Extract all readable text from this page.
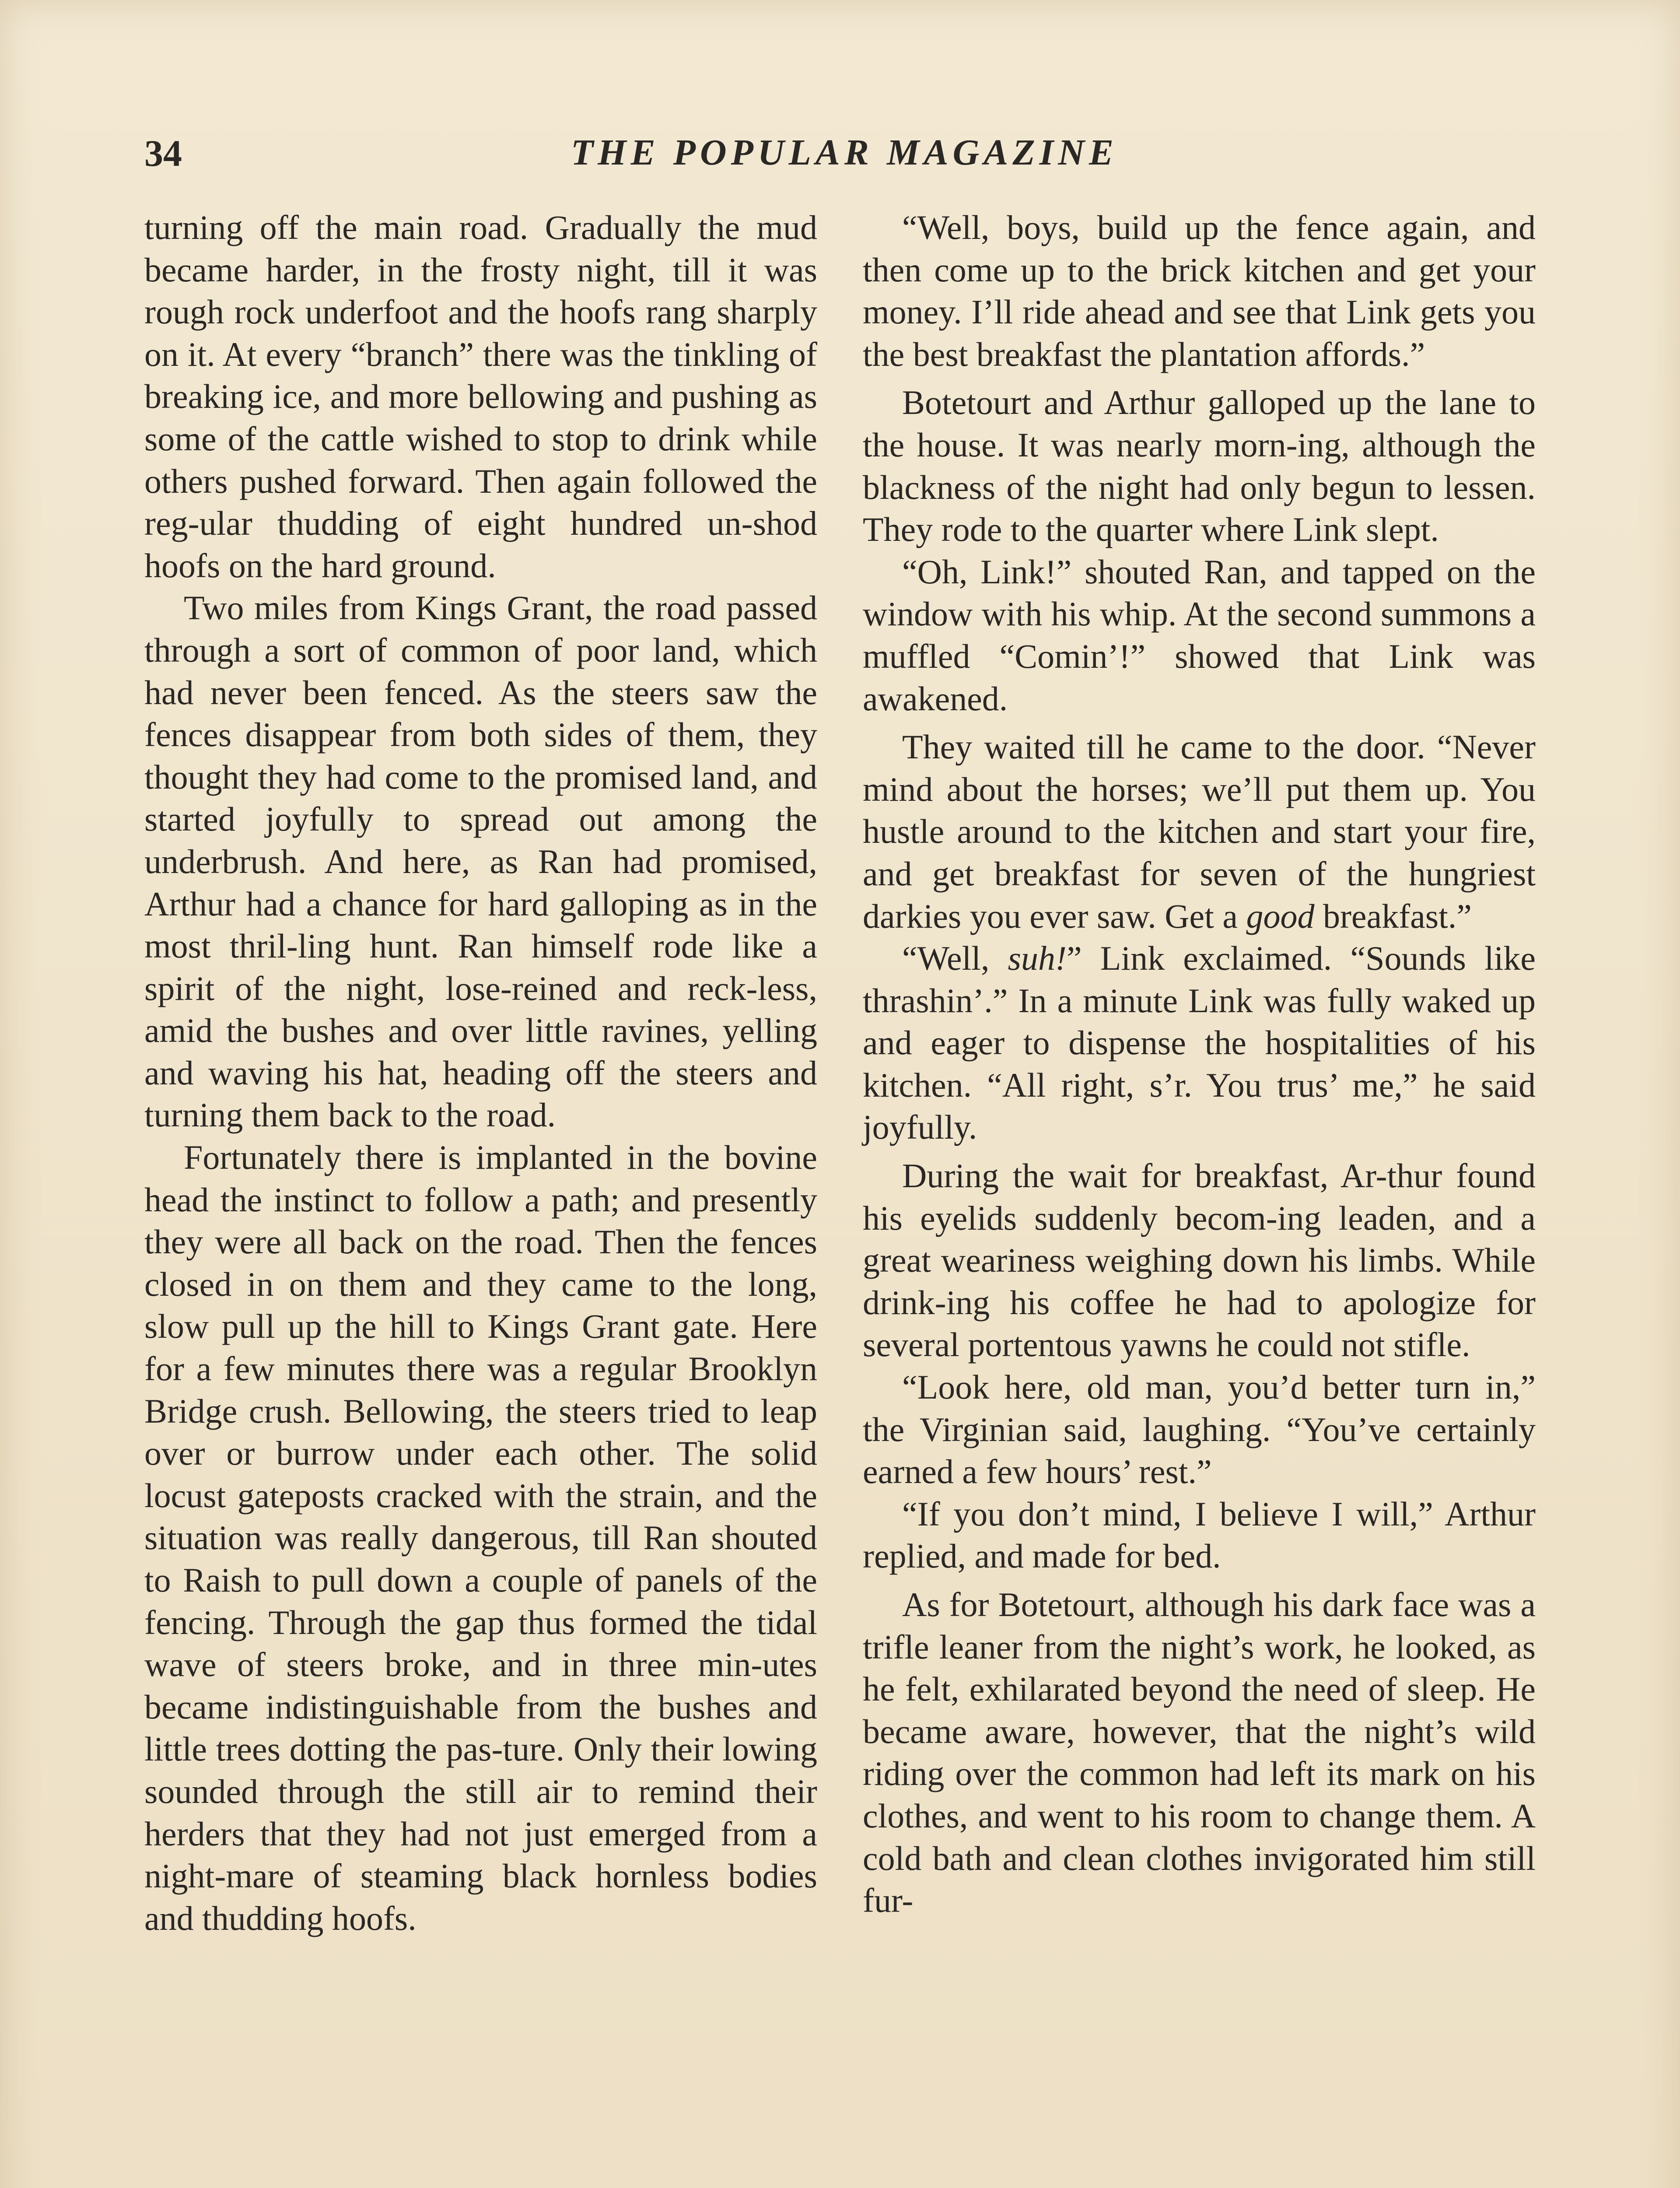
34	THE POPULAR MAGAZINE

turning off the main road. Gradually the mud became harder, in the frosty night, till it was rough rock underfoot and the hoofs rang sharply on it. At every “branch” there was the tinkling of breaking ice, and more bellowing and pushing as some of the cattle wished to stop to drink while others pushed forward. Then again followed the reg-ular thudding of eight hundred un-shod hoofs on the hard ground.

Two miles from Kings Grant, the road passed through a sort of common of poor land, which had never been fenced. As the steers saw the fences disappear from both sides of them, they thought they had come to the promised land, and started joyfully to spread out among the underbrush. And here, as Ran had promised, Arthur had a chance for hard galloping as in the most thril-ling hunt. Ran himself rode like a spirit of the night, lose-reined and reck-less, amid the bushes and over little ravines, yelling and waving his hat, heading off the steers and turning them back to the road.

Fortunately there is implanted in the bovine head the instinct to follow a path; and presently they were all back on the road. Then the fences closed in on them and they came to the long, slow pull up the hill to Kings Grant gate. Here for a few minutes there was a regular Brooklyn Bridge crush. Bellowing, the steers tried to leap over or burrow under each other. The solid locust gateposts cracked with the strain, and the situation was really dangerous, till Ran shouted to Raish to pull down a couple of panels of the fencing. Through the gap thus formed the tidal wave of steers broke, and in three min-utes became indistinguishable from the bushes and little trees dotting the pas-ture. Only their lowing sounded through the still air to remind their herders that they had not just emerged from a night-mare of steaming black hornless bodies and thudding hoofs.

“Well, boys, build up the fence again, and then come up to the brick kitchen and get your money. I’ll ride ahead and see that Link gets you the best breakfast the plantation affords.”

Botetourt and Arthur galloped up the lane to the house. It was nearly morn-ing, although the blackness of the night had only begun to lessen. They rode to the quarter where Link slept.

“Oh, Link!” shouted Ran, and tapped on the window with his whip. At the second summons a muffled “Comin’!” showed that Link was awakened.

They waited till he came to the door. “Never mind about the horses; we’ll put them up. You hustle around to the kitchen and start your fire, and get breakfast for seven of the hungriest darkies you ever saw. Get a good breakfast.”

“Well, suh!” Link exclaimed. “Sounds like thrashin’.” In a minute Link was fully waked up and eager to dispense the hospitalities of his kitchen. “All right, s’r. You trus’ me,” he said joyfully.

During the wait for breakfast, Ar-thur found his eyelids suddenly becom-ing leaden, and a great weariness weighing down his limbs. While drink-ing his coffee he had to apologize for several portentous yawns he could not stifle.

“Look here, old man, you’d better turn in,” the Virginian said, laughing. “You’ve certainly earned a few hours’ rest.”

“If you don’t mind, I believe I will,” Arthur replied, and made for bed.

As for Botetourt, although his dark face was a trifle leaner from the night’s work, he looked, as he felt, exhilarated beyond the need of sleep. He became aware, however, that the night’s wild riding over the common had left its mark on his clothes, and went to his room to change them. A cold bath and clean clothes invigorated him still fur-
